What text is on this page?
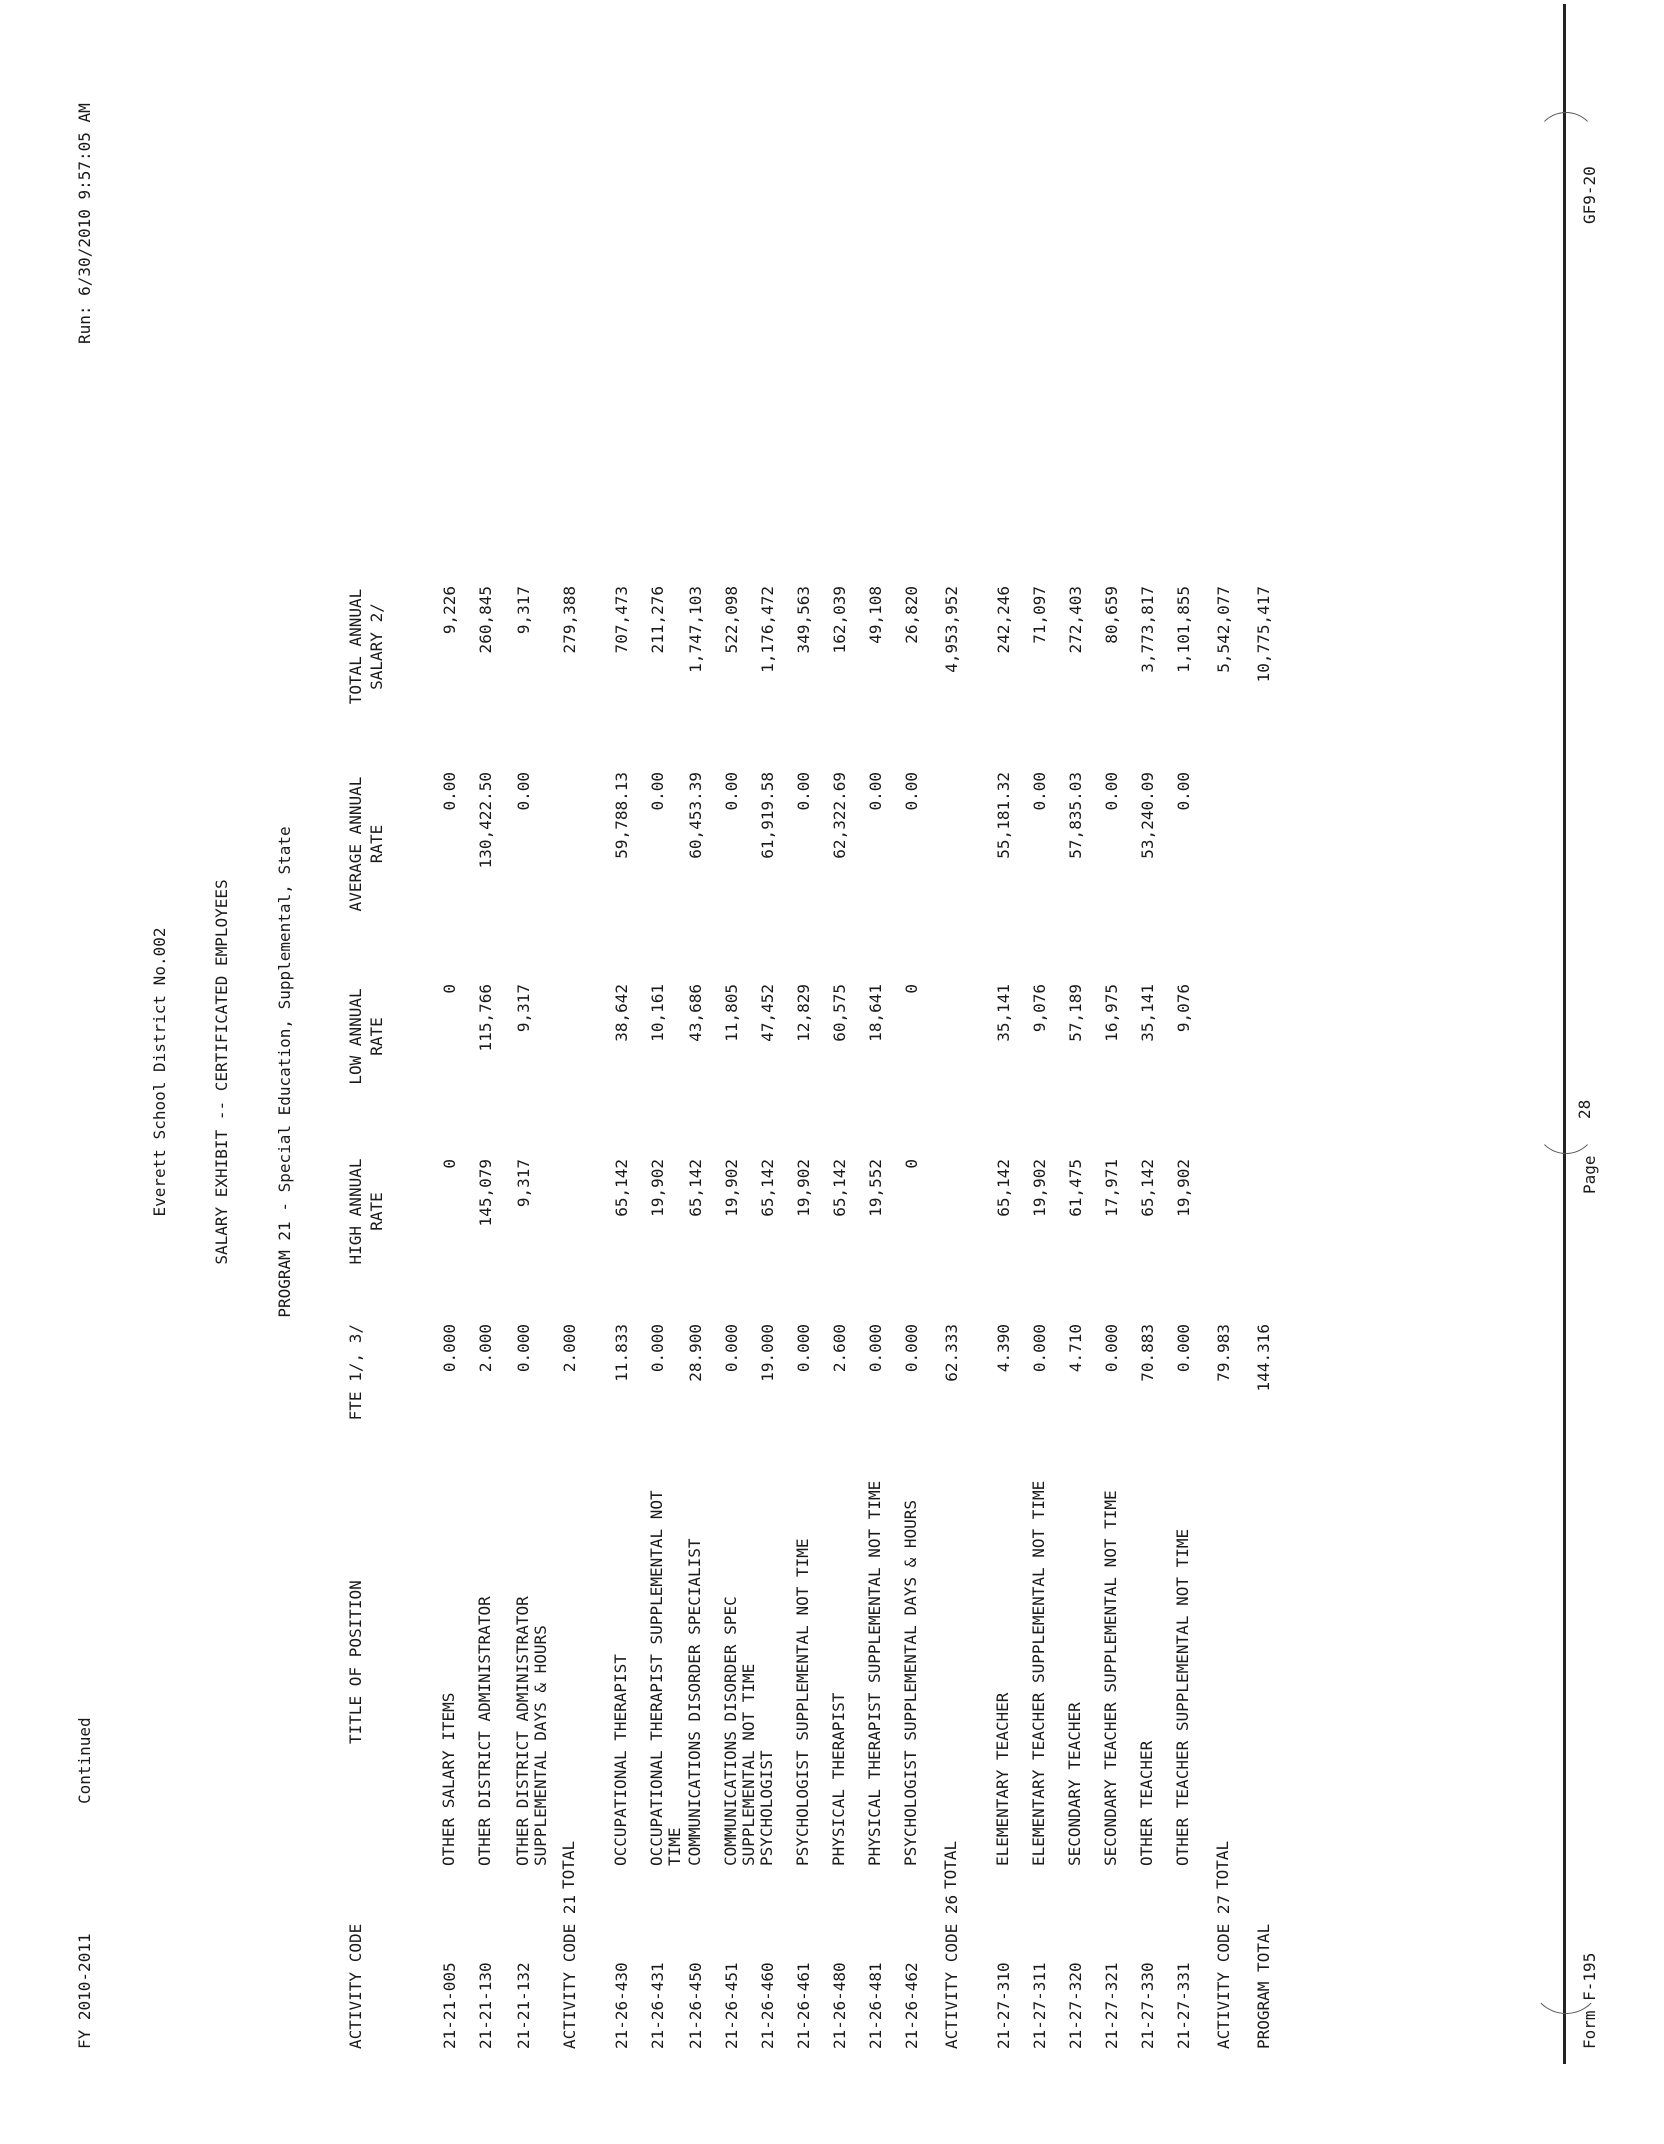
FY 2010-2011
Continued
Run: 6/30/2010 9:57:05 AM
Everett School District No.002	SALARY EXHIBIT -- CERTIFICATED EMPLOYEES	PROGRAM 21 - Special Education, Supplemental, State
ACTIVITY CODE
TITLE OF POSITION
FTE 1/, 3/
HIGH ANNUAL RATE
LOW ANNUAL RATE
AVERAGE ANNUAL RATE
TOTAL ANNUAL SALARY 2/
21-21-005
OTHER SALARY ITEMS
0.000
0
0
0.00
9,226
21-21-130
OTHER DISTRICT ADMINISTRATOR
2.000
145,079
115,766
130,422.50
260,845
21-21-132
OTHER DISTRICT ADMINISTRATOR SUPPLEMENTAL DAYS & HOURS
0.000
9,317
9,317
0.00
9,317
ACTIVITY CODE 21
TOTAL
2.000
279,388
21-26-430
OCCUPATIONAL THERAPIST
11.833
65,142
38,642
59,788.13
707,473
21-26-431
OCCUPATIONAL THERAPIST SUPPLEMENTAL NOT TIME
0.000
19,902
10,161
0.00
211,276
21-26-450
COMMUNICATIONS DISORDER SPECIALIST
28.900
65,142
43,686
60,453.39
1,747,103
21-26-451
COMMUNICATIONS DISORDER SPEC SUPPLEMENTAL NOT TIME
0.000
19,902
11,805
0.00
522,098
21-26-460
PSYCHOLOGIST
19.000
65,142
47,452
61,919.58
1,176,472
21-26-461
PSYCHOLOGIST SUPPLEMENTAL NOT TIME
0.000
19,902
12,829
0.00
349,563
21-26-480
PHYSICAL THERAPIST
2.600
65,142
60,575
62,322.69
162,039
21-26-481
PHYSICAL THERAPIST SUPPLEMENTAL NOT TIME
0.000
19,552
18,641
0.00
49,108
21-26-462
PSYCHOLOGIST SUPPLEMENTAL DAYS & HOURS
0.000
0
0
0.00
26,820
ACTIVITY CODE 26
TOTAL
62.333
4,953,952
21-27-310
ELEMENTARY TEACHER
4.390
65,142
35,141
55,181.32
242,246
21-27-311
ELEMENTARY TEACHER SUPPLEMENTAL NOT TIME
0.000
19,902
9,076
0.00
71,097
21-27-320
SECONDARY TEACHER
4.710
61,475
57,189
57,835.03
272,403
21-27-321
SECONDARY TEACHER SUPPLEMENTAL NOT TIME
0.000
17,971
16,975
0.00
80,659
21-27-330
OTHER TEACHER
70.883
65,142
35,141
53,240.09
3,773,817
21-27-331
OTHER TEACHER SUPPLEMENTAL NOT TIME
0.000
19,902
9,076
0.00
1,101,855
ACTIVITY CODE 27
TOTAL
79.983
5,542,077
PROGRAM TOTAL
144.316
10,775,417
Form F-195
Page
28
GF9-20
